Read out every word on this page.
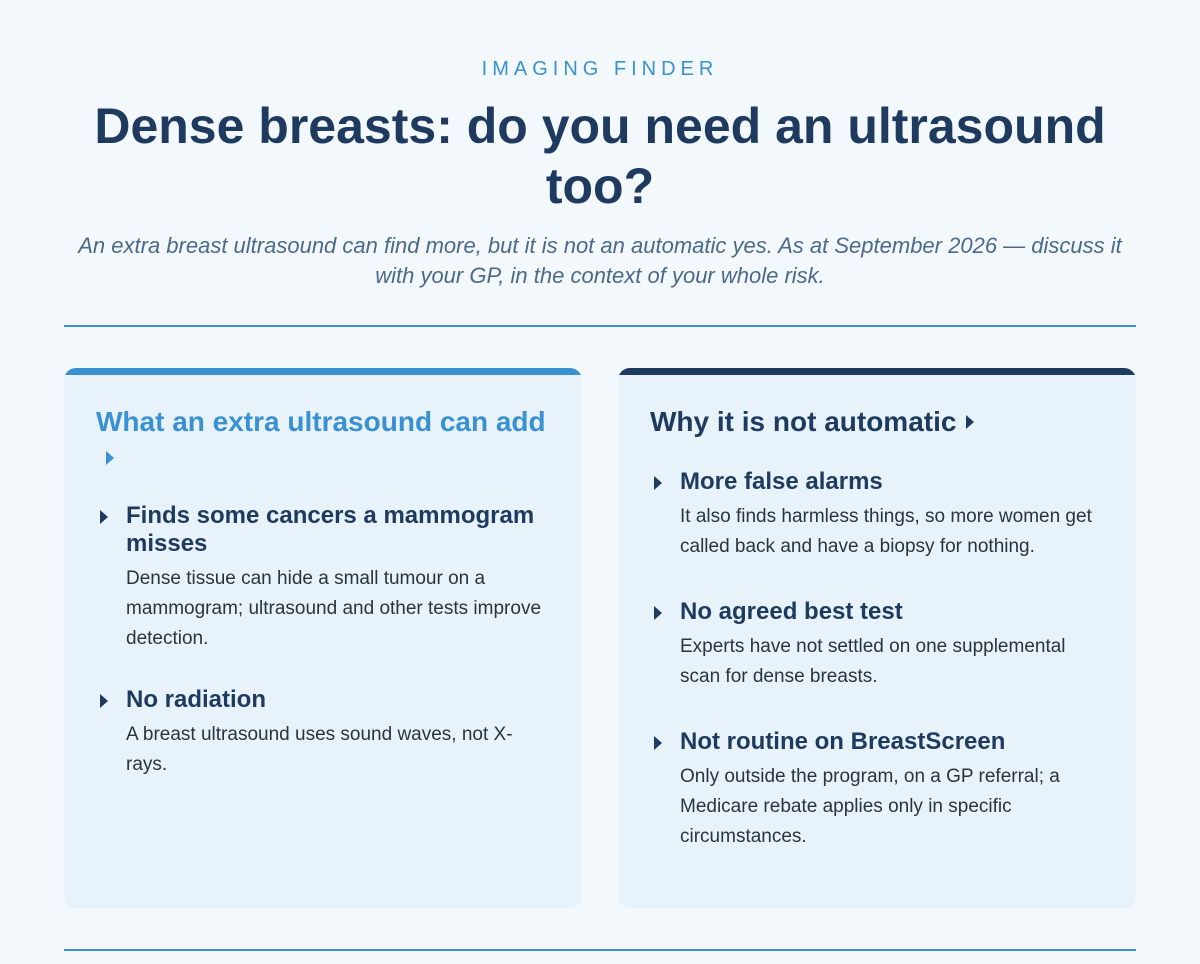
IMAGING FINDER
Dense breasts: do you need an ultrasound too?
An extra breast ultrasound can find more, but it is not an automatic yes. As at September 2026 — discuss it with your GP, in the context of your whole risk.
What an extra ultrasound can add
Finds some cancers a mammogram misses
Dense tissue can hide a small tumour on a mammogram; ultrasound and other tests improve detection.
No radiation
A breast ultrasound uses sound waves, not X-rays.
Why it is not automatic
More false alarms
It also finds harmless things, so more women get called back and have a biopsy for nothing.
No agreed best test
Experts have not settled on one supplemental scan for dense breasts.
Not routine on BreastScreen
Only outside the program, on a GP referral; a Medicare rebate applies only in specific circumstances.
